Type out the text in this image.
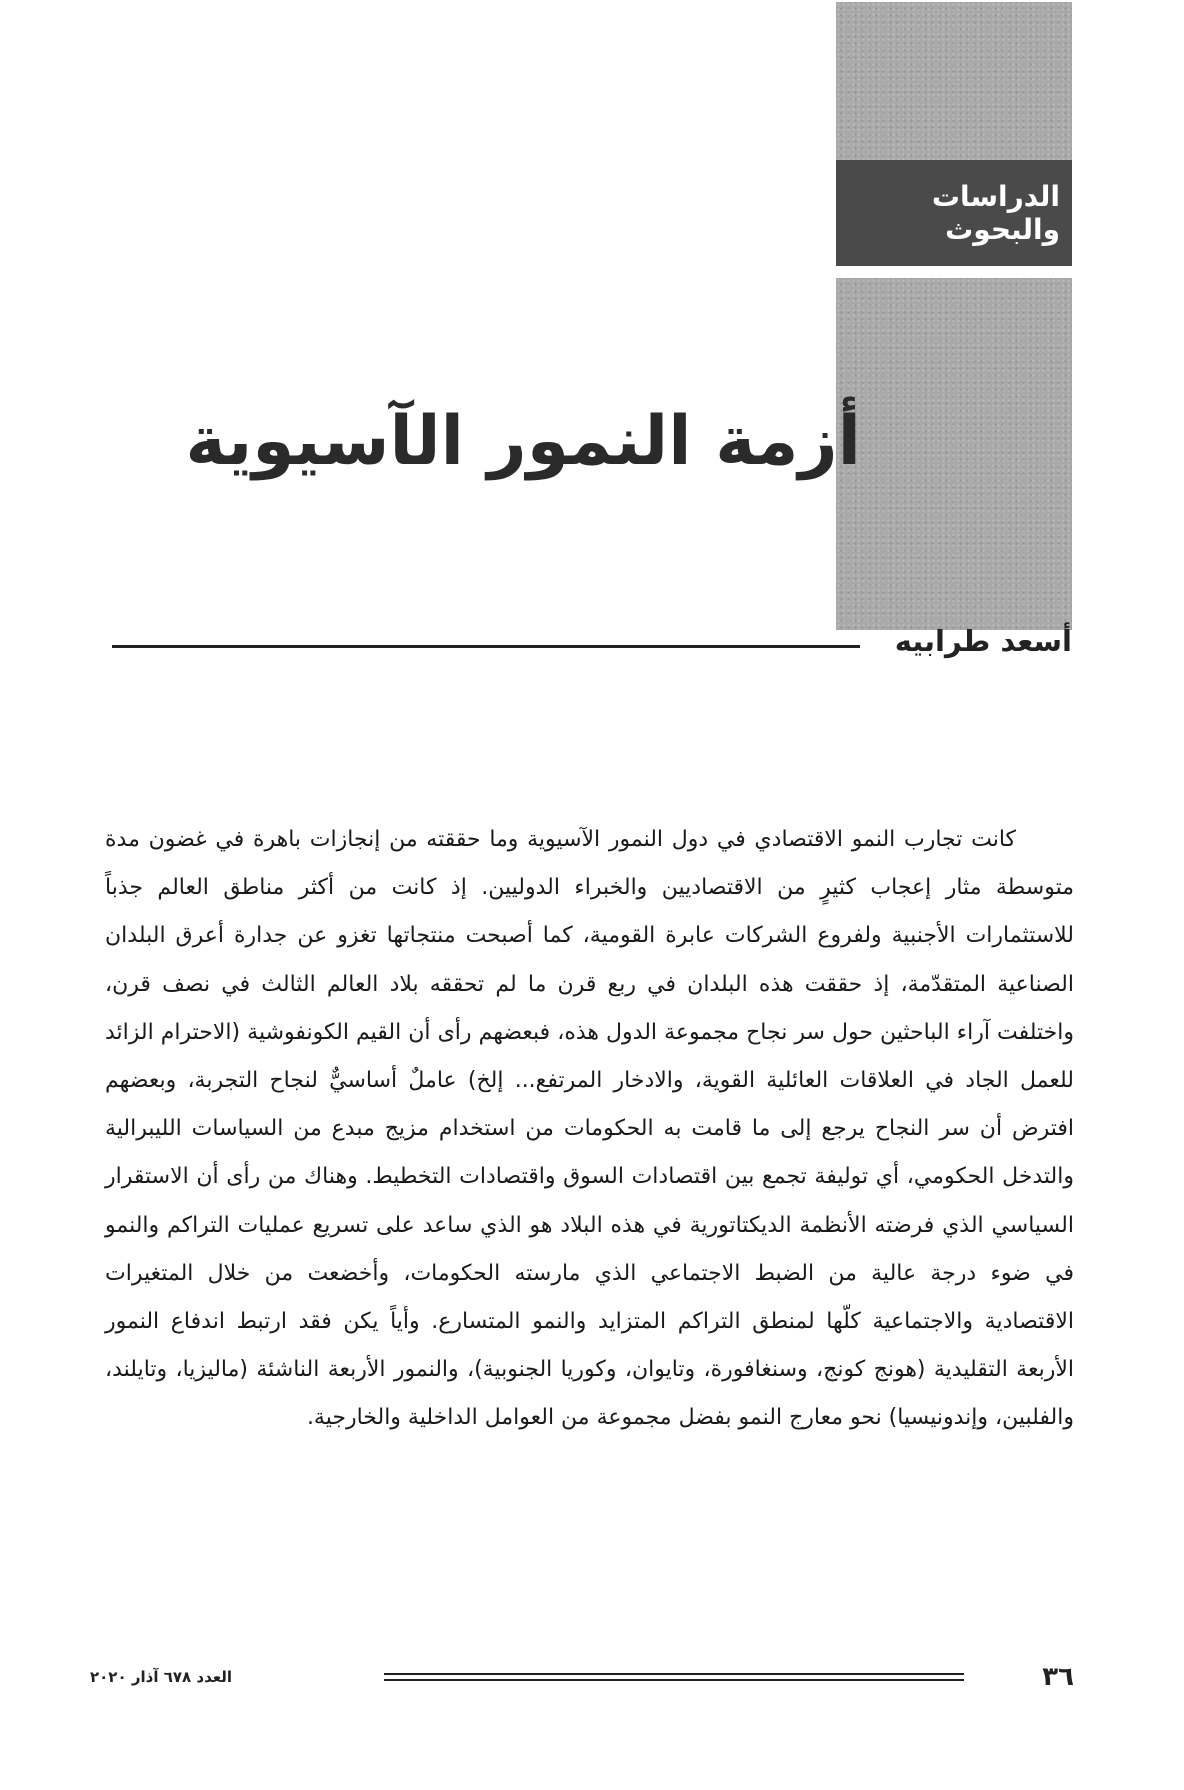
الدراسات والبحوث
أزمة النمور الآسيوية
أسعد طرابيه

كانت تجارب النمو الاقتصادي في دول النمور الآسيوية وما حققته من إنجازات باهرة في غضون مدة متوسطة مثار إعجاب كثيرٍ من الاقتصاديين والخبراء الدوليين. إذ كانت من أكثر مناطق العالم جذباً للاستثمارات الأجنبية ولفروع الشركات عابرة القومية، كما أصبحت منتجاتها تغزو عن جدارة أعرق البلدان الصناعية المتقدّمة، إذ حققت هذه البلدان في ربع قرن ما لم تحققه بلاد العالم الثالث في نصف قرن، واختلفت آراء الباحثين حول سر نجاح مجموعة الدول هذه، فبعضهم رأى أن القيم الكونفوشية (الاحترام الزائد للعمل الجاد في العلاقات العائلية القوية، والادخار المرتفع... إلخ) عاملٌ أساسيٌّ لنجاح التجربة، وبعضهم افترض أن سر النجاح يرجع إلى ما قامت به الحكومات من استخدام مزيج مبدع من السياسات الليبرالية والتدخل الحكومي، أي توليفة تجمع بين اقتصادات السوق واقتصادات التخطيط. وهناك من رأى أن الاستقرار السياسي الذي فرضته الأنظمة الديكتاتورية في هذه البلاد هو الذي ساعد على تسريع عمليات التراكم والنمو في ضوء درجة عالية من الضبط الاجتماعي الذي مارسته الحكومات، وأخضعت من خلال المتغيرات الاقتصادية والاجتماعية كلّها لمنطق التراكم المتزايد والنمو المتسارع. وأياً يكن فقد ارتبط اندفاع النمور الأربعة التقليدية (هونج كونج، وسنغافورة، وتايوان، وكوريا الجنوبية)، والنمور الأربعة الناشئة (ماليزيا، وتايلند، والفلبين، وإندونيسيا) نحو معارج النمو بفضل مجموعة من العوامل الداخلية والخارجية.

٣٦
العدد ٦٧٨ آذار ٢٠٢٠
